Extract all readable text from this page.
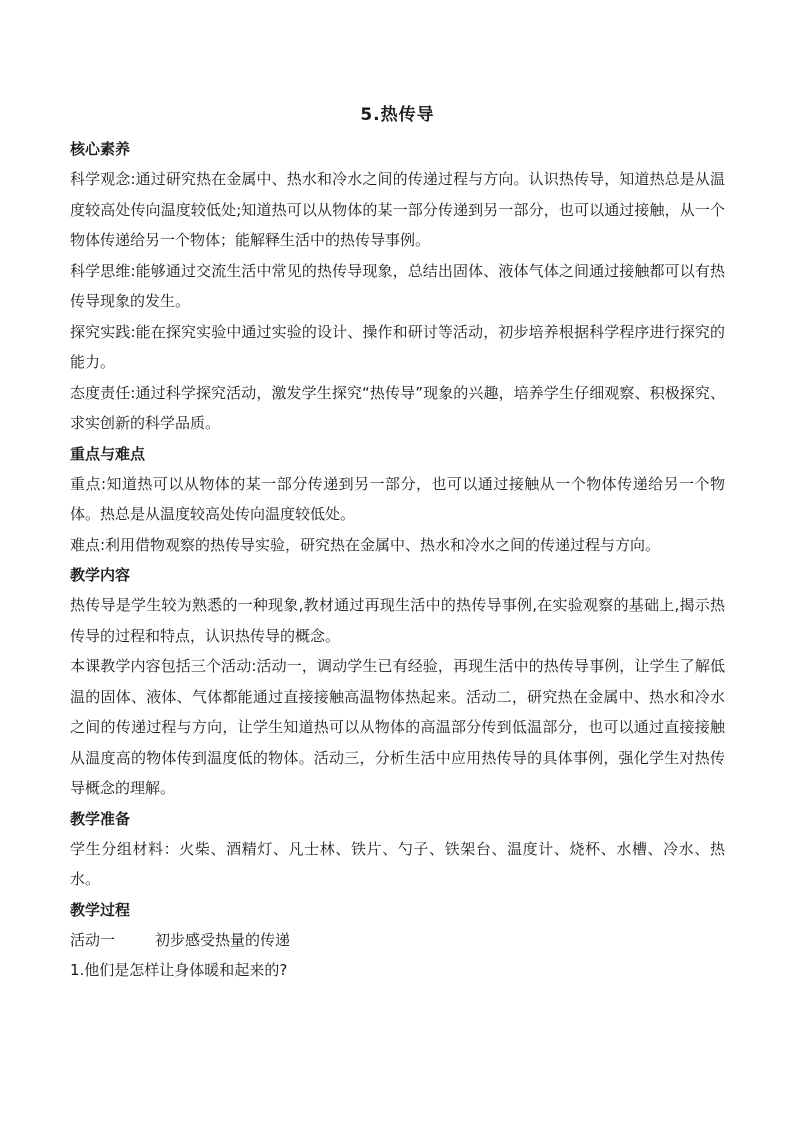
5.热传导

核心素养

科学观念:通过研究热在金属中、热水和冷水之间的传递过程与方向。认识热传导，知道热总是从温度较高处传向温度较低处;知道热可以从物体的某一部分传递到另一部分，也可以通过接触，从一个物体传递给另一个物体；能解释生活中的热传导事例。

科学思维:能够通过交流生活中常见的热传导现象，总结出固体、液体气体之间通过接触都可以有热传导现象的发生。

探究实践:能在探究实验中通过实验的设计、操作和研讨等活动，初步培养根据科学程序进行探究的能力。

态度责任:通过科学探究活动，激发学生探究“热传导”现象的兴趣，培养学生仔细观察、积极探究、求实创新的科学品质。

重点与难点

重点:知道热可以从物体的某一部分传递到另一部分，也可以通过接触从一个物体传递给另一个物体。热总是从温度较高处传向温度较低处。

难点:利用借物观察的热传导实验，研究热在金属中、热水和冷水之间的传递过程与方向。

教学内容

热传导是学生较为熟悉的一种现象,教材通过再现生活中的热传导事例,在实验观察的基础上,揭示热传导的过程和特点，认识热传导的概念。

本课教学内容包括三个活动:活动一，调动学生已有经验，再现生活中的热传导事例，让学生了解低温的固体、液体、气体都能通过直接接触高温物体热起来。活动二，研究热在金属中、热水和冷水之间的传递过程与方向，让学生知道热可以从物体的高温部分传到低温部分，也可以通过直接接触从温度高的物体传到温度低的物体。活动三，分析生活中应用热传导的具体事例，强化学生对热传导概念的理解。

教学准备

学生分组材料：火柴、酒精灯、凡士林、铁片、勺子、铁架台、温度计、烧杯、水槽、冷水、热水。

教学过程

活动一	初步感受热量的传递

1.他们是怎样让身体暖和起来的?
